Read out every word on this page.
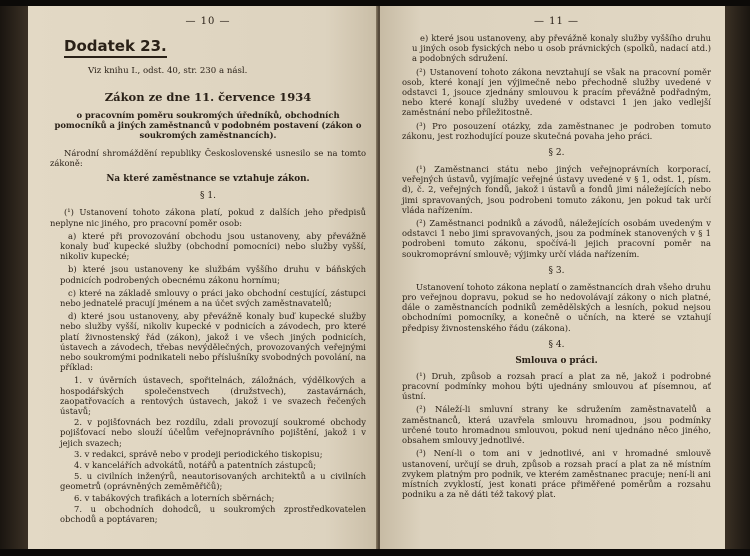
— 10 —
Dodatek 23.
Viz knihu I., odst. 40, str. 230 a násl.
Zákon ze dne 11. července 1934
o pracovním poměru soukromých úředníků, obchodních pomocníků a jiných zaměstnanců v podobném postavení (zákon o soukromých zaměstnancích).

Národní shromáždění republiky Československé usnesilo se na tomto zákoně:

Na které zaměstnance se vztahuje zákon.
§ 1.

(¹) Ustanovení tohoto zákona platí, pokud z dalších jeho předpisů neplyne nic jiného, pro pracovní poměr osob:

a) které při provozování obchodu jsou ustanoveny, aby převážně konaly buď kupecké služby (obchodní pomocníci) nebo služby vyšší, nikoliv kupecké;

b) které jsou ustanoveny ke službám vyššího druhu v báňských podnicích podrobených obecnému zákonu hornímu;

c) které na základě smlouvy o práci jako obchodní cestující, zástupci nebo jednatelé pracují jménem a na účet svých zaměstnavatelů;

d) které jsou ustanoveny, aby převážně konaly buď kupecké služby nebo služby vyšší, nikoliv kupecké v podnicích a závodech, pro které platí živnostenský řád (zákon), jakož i ve všech jiných podnicích, ústavech a závodech, třebas nevýdělečných, provozovaných veřejnými nebo soukromými podnikateli nebo příslušníky svobodných povolání, na příklad:

1. v úvěrních ústavech, spořitelnách, záložnách, výdělkových a hospodářských společenstvech (družstvech), zastavárnách, zaopatřovacích a rentových ústavech, jakož i ve svazech řečených ústavů;

2. v pojišťovnách bez rozdílu, zdali provozují soukromé obchody pojišťovací nebo slouží účelům veřejnoprávního pojištění, jakož i v jejich svazech;

3. v redakci, správě nebo v prodeji periodického tiskopisu;

4. v kancelářích advokátů, notářů a patentních zástupců;

5. u civilních inženýrů, neautorisovaných architektů a u civilních geometrů (oprávněných zeměměřičů);

6. v tabákových trafikách a loterních sběrnách;

7. u obchodních dohodců, u soukromých zprostředkovatelen obchodů a poptávaren;

— 11 —

e) které jsou ustanoveny, aby převážně konaly služby vyššího druhu u jiných osob fysických nebo u osob právnických (spolků, nadací atd.) a podobných sdružení.

(²) Ustanovení tohoto zákona nevztahují se však na pracovní poměr osob, které konají jen výjimečně nebo přechodně služby uvedené v odstavci 1, jsouce zjednány smlouvou k pracím převážně podřadným, nebo které konají služby uvedené v odstavci 1 jen jako vedlejší zaměstnání nebo příležitostně.

(³) Pro posouzení otázky, zda zaměstnanec je podroben tomuto zákonu, jest rozhodující pouze skutečná povaha jeho práci.

§ 2.

(¹) Zaměstnanci státu nebo jiných veřejnoprávních korporací, veřejných ústavů, vyjímajíc veřejné ústavy uvedené v § 1, odst. 1, písm. d), č. 2, veřejných fondů, jakož i ústavů a fondů jimi náležejících nebo jimi spravovaných, jsou podrobeni tomuto zákonu, jen pokud tak určí vláda nařízením.

(²) Zaměstnanci podniků a závodů, náležejících osobám uvedeným v odstavci 1 nebo jimi spravovaných, jsou za podmínek stanovených v § 1 podrobeni tomuto zákonu, spočívá-li jejich pracovní poměr na soukromoprávní smlouvě; výjimky určí vláda nařízením.

§ 3.

Ustanovení tohoto zákona neplatí o zaměstnancích drah všeho druhu pro veřejnou dopravu, pokud se ho nedovolávají zákony o nich platné, dále o zaměstnancích podniků zemědělských a lesních, pokud nejsou obchodními pomocníky, a konečně o učních, na které se vztahují předpisy živnostenského řádu (zákona).

§ 4.
Smlouva o práci.

(¹) Druh, způsob a rozsah prací a plat za ně, jakož i podrobné pracovní podmínky mohou býti ujednány smlouvou ať písemnou, ať ústní.

(²) Náleží-li smluvní strany ke sdružením zaměstnavatelů a zaměstnanců, která uzavřela smlouvu hromadnou, jsou podmínky určené touto hromadnou smlouvou, pokud není ujednáno něco jiného, obsahem smlouvy jednotlivé.

(³) Není-li o tom ani v jednotlivé, ani v hromadné smlouvě ustanovení, určují se druh, způsob a rozsah prací a plat za ně místním zvykem platným pro podnik, ve kterém zaměstnanec pracuje; není-li ani místních zvyklostí, jest konati práce přiměřené poměrům a rozsahu podniku a za ně dáti též takový plat.
